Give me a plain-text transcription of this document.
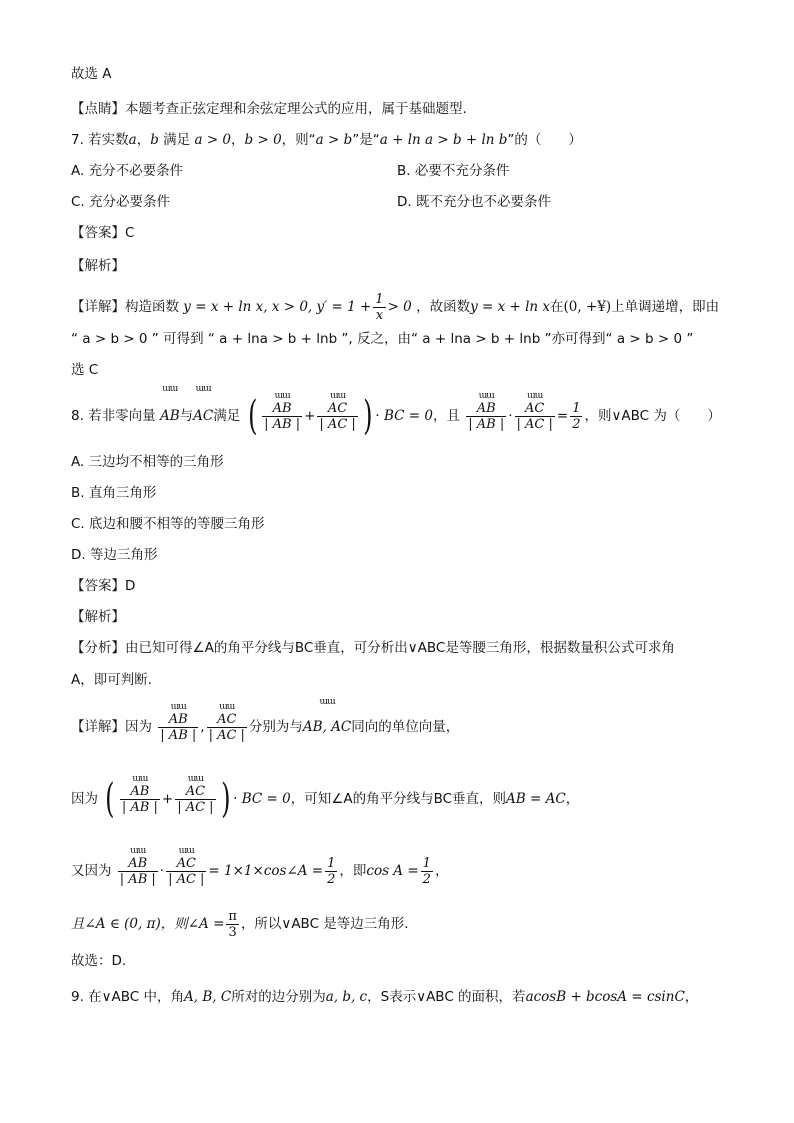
故选 A
【点睛】本题考查正弦定理和余弦定理公式的应用，属于基础题型.
7. 若实数a，b 满足 a > 0，b > 0，则“a > b”是“a + ln a > b + ln b”的（　　）
A. 充分不必要条件	B. 必要不充分条件
C. 充分必要条件	D. 既不充分也不必要条件
【答案】C
【解析】
【详解】构造函数 y = x + ln x, x > 0, $y' = 1 + \frac{1}{x} > 0$ ，故函数y = x + ln x在(0, +¥)上单调递增，即由
“ a > b > 0 ” 可得到 “ a + lna > b + lnb ”, 反之，由“ a + lna > b + lnb ”亦可得到“ a > b > 0 ”
选 C
8. 若非零向量 ɯɯ AB与ɯɯ AC满足 ( ɯɯ $\frac{AB}{| AB |}$ + ɯɯ $\frac{AC}{| AC |}$ ) · BC = 0，且 ɯɯ $\frac{AB}{| AB |}$ · ɯɯ $\frac{AC}{| AC |} = \frac{1}{2}$ ，则∨ABC 为（　　）
A. 三边均不相等的三角形
B. 直角三角形
C. 底边和腰不相等的等腰三角形
D. 等边三角形
【答案】D
【解析】
【分析】由已知可得∠A的角平分线与BC垂直，可分析出∨ABC是等腰三角形，根据数量积公式可求角
A，即可判断.
【详解】因为 ɯɯ $\frac{AB}{| AB |}$ , ɯɯ $\frac{AC}{| AC |}$ 分别为与ɯɯ AB, AC同向的单位向量，
因为 ( ɯɯ $\frac{AB}{| AB |}$ + ɯɯ $\frac{AC}{| AC |}$ ) · BC = 0，可知∠A的角平分线与BC垂直，则AB = AC，
又因为 ɯɯ $\frac{AB}{| AB |}$ · ɯɯ $\frac{AC}{| AC |}$ = 1×1×cos∠A = $\frac{1}{2}$ ，即$\cos A = \frac{1}{2}$ ，
且∠A ∈ (0, π)，则∠A = $\frac{\pi}{3}$ ，所以∨ABC 是等边三角形.
故选：D.
9. 在∨ABC 中，角A, B, C所对的边分别为a, b, c，S表示∨ABC 的面积，若acosB + bcosA = csinC，
